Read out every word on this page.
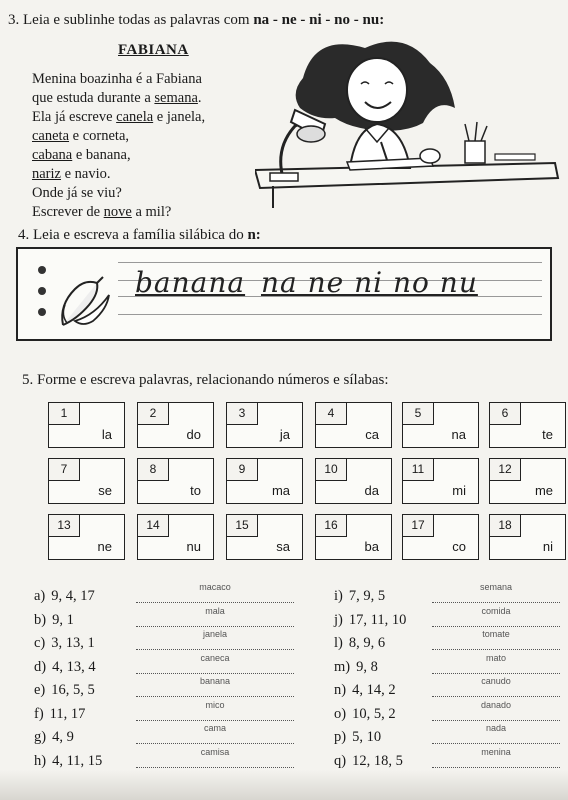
3. Leia e sublinhe todas as palavras com na - ne - ni - no - nu:
FABIANA
Menina boazinha é a Fabiana
que estuda durante a semana.
Ela já escreve canela e janela,
caneta e corneta,
cabana e banana,
nariz e navio.
Onde já se viu?
Escrever de nove a mil?
4. Leia e escreva a família silábica do n:
banana na ne ni no nu
5. Forme e escreva palavras, relacionando números e sílabas:
1
la
2
do
3
ja
4
ca
5
na
6
te
7
se
8
to
9
ma
10
da
11
mi
12
me
13
ne
14
nu
15
sa
16
ba
17
co
18
ni
a) 9, 4, 17
macaco
b) 9, 1
mala
c) 3, 13, 1
janela
d) 4, 13, 4
caneca
e) 16, 5, 5
banana
f) 11, 17
mico
g) 4, 9
cama
h) 4, 11, 15
camisa
i) 7, 9, 5
semana
j) 17, 11, 10
comida
l) 8, 9, 6
tomate
m) 9, 8
mato
n) 4, 14, 2
canudo
o) 10, 5, 2
danado
p) 5, 10
nada
q) 12, 18, 5
menina
